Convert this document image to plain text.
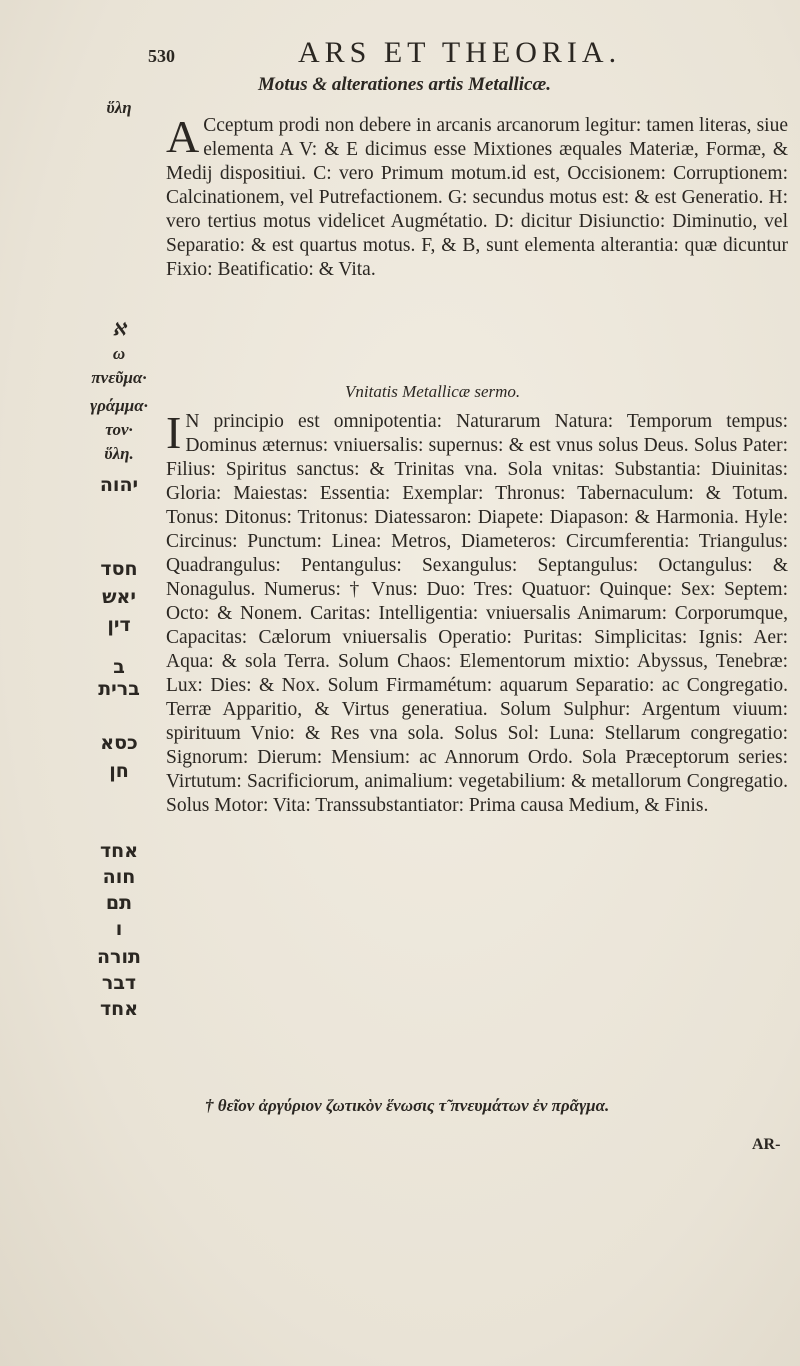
530	ARS ET THEORIA.
Motus & alterationes artis Metallicæ.
A Cceptum prodi non debere in arcanis arcanorum legitur: tamen literas, siue elementa A V: & E dicimus esse Mixtiones æquales Materiæ, Formæ, & Medij dispositiui. C: vero Primum motum.id est, Occisionem: Corruptionem: Calcinationem, vel Putrefactionem. G: secundus motus est: & est Generatio. H: vero tertius motus videlicet Augmétatio. D: dicitur Disiunctio: Diminutio, vel Separatio: & est quartus motus. F, & B, sunt elementa alterantia: quæ dicuntur Fixio: Beatificatio: & Vita.
Vnitatis Metallicæ sermo.
I N principio est omnipotentia: Naturarum Natura: Temporum tempus: Dominus æternus: vniuersalis: supernus: & est vnus solus Deus. Solus Pater: Filius: Spiritus sanctus: & Trinitas vna. Sola vnitas: Substantia: Diuinitas: Gloria: Maiestas: Essentia: Exemplar: Thronus: Tabernaculum: & Totum. Tonus: Ditonus: Tritonus: Diatessaron: Diapete: Diapason: & Harmonia. Hyle: Circinus: Punctum: Linea: Metros, Diameteros: Circumferentia: Triangulus: Quadrangulus: Pentangulus: Sexangulus: Septangulus: Octangulus: & Nonagulus. Numerus: † Vnus: Duo: Tres: Quatuor: Quinque: Sex: Septem: Octo: & Nonem. Caritas: Intelligentia: vniuersalis Animarum: Corporumque, Capacitas: Cælorum vniuersalis Operatio: Puritas: Simplicitas: Ignis: Aer: Aqua: & sola Terra. Solum Chaos: Elementorum mixtio: Abyssus, Tenebræ: Lux: Dies: & Nox. Solum Firmamétum: aquarum Separatio: ac Congregatio. Terræ Apparitio, & Virtus generatiua. Solum Sulphur: Argentum viuum: spirituum Vnio: & Res vna sola. Solus Sol: Luna: Stellarum congregatio: Signorum: Dierum: Mensium: ac Annorum Ordo. Sola Præceptorum series: Virtutum: Sacrificiorum, animalium: vegetabilium: & metallorum Congregatio. Solus Motor: Vita: Transsubstantiator: Prima causa Medium, & Finis.
ὕλη
ℵ
ω
πνεῦμα·
γράμμα·
τον·
ὕλη.
יהוה
חסד
יאש
דין
ב
ברית
כסא
חן
אחד
חוה
תם
ו
תורה
דבר
אחד
† θεῖον ἀργύριον ζωτικὸν ἕνωσις τ̃ πνευμάτων ἐν πρᾶγμα.
AR-
